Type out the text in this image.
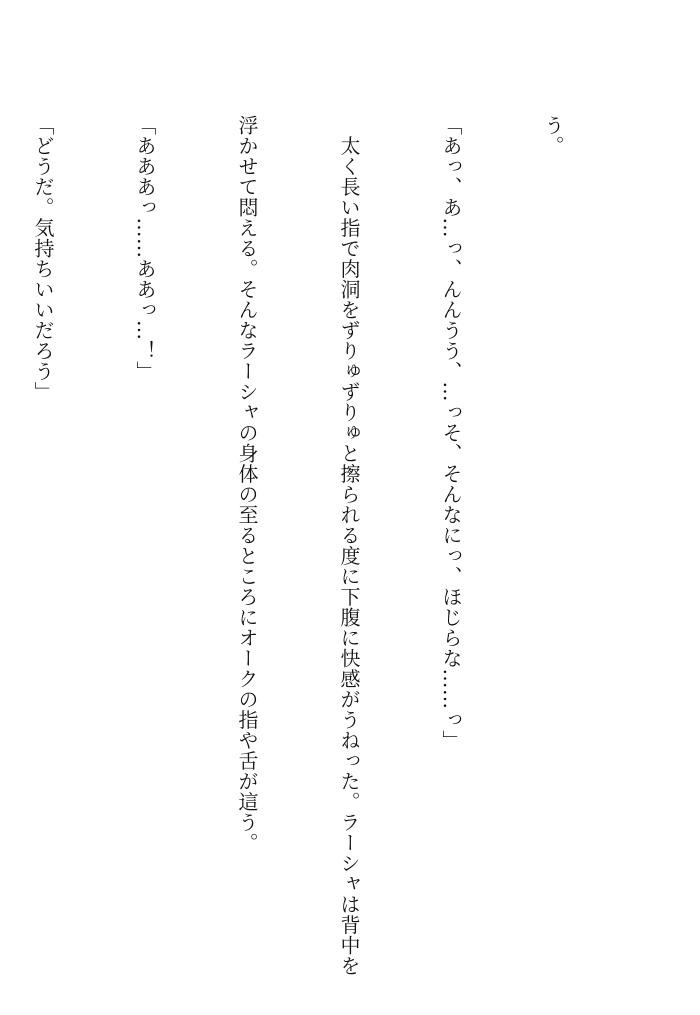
う。

「あっ、あ…っ、んんうう、…っそ、そんなにっ、ほじらな……っ」

　太く長い指で肉洞をずりゅずりゅと擦られる度に下腹に快感がうねった。ラーシャは背中を

浮かせて悶える。そんなラーシャの身体の至るところにオークの指や舌が這う。

「あああっ……ああっ…！」

「どうだ。気持ちいいだろう」
